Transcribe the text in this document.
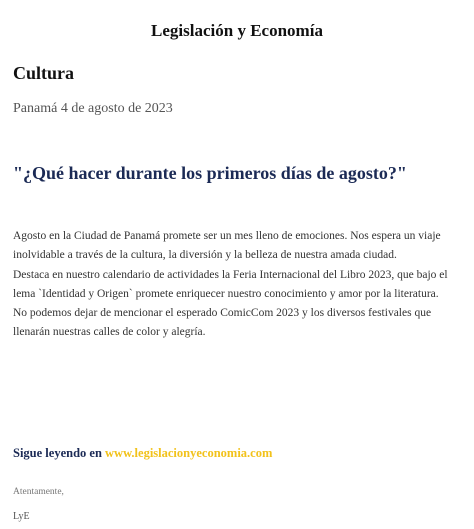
Legislación y Economía
Cultura
Panamá 4 de agosto de 2023
"¿Qué hacer durante los primeros días de agosto?"

Agosto en la Ciudad de Panamá promete ser un mes lleno de emociones. Nos espera un viaje inolvidable a través de la cultura, la diversión y la belleza de nuestra amada ciudad.

Destaca en nuestro calendario de actividades la Feria Internacional del Libro 2023, que bajo el lema `Identidad y Origen` promete enriquecer nuestro conocimiento y amor por la literatura.

No podemos dejar de mencionar el esperado ComicCom 2023 y los diversos festivales que llenarán nuestras calles de color y alegría.

Sigue leyendo en www.legislacionyeconomia.com
Atentamente,
LyE
